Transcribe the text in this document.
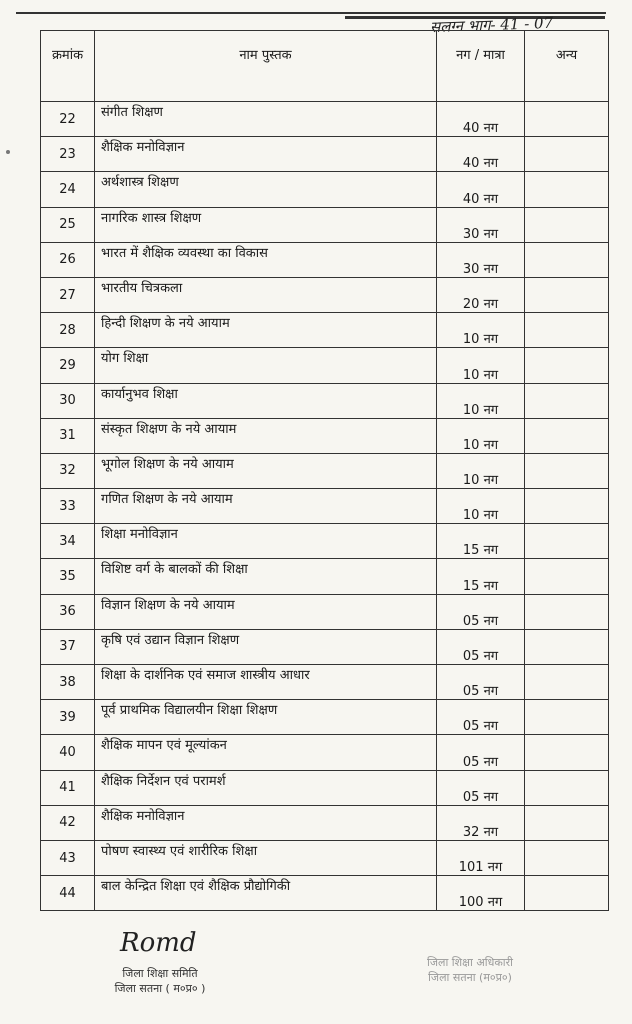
सलग्न भाग- 41 - 07
क्रमांक	नाम पुस्तक	नग / मात्रा	अन्य
22	संगीत शिक्षण	40 नग	
23	शैक्षिक मनोविज्ञान	40 नग	
24	अर्थशास्त्र शिक्षण	40 नग	
25	नागरिक शास्त्र शिक्षण	30 नग	
26	भारत में शैक्षिक व्यवस्था का विकास	30 नग	
27	भारतीय चित्रकला	20 नग	
28	हिन्दी शिक्षण के नये आयाम	10 नग	
29	योग शिक्षा	10 नग	
30	कार्यानुभव शिक्षा	10 नग	
31	संस्कृत शिक्षण के नये आयाम	10 नग	
32	भूगोल शिक्षण के नये आयाम	10 नग	
33	गणित शिक्षण के नये आयाम	10 नग	
34	शिक्षा मनोविज्ञान	15 नग	
35	विशिष्ट वर्ग के बालकों की शिक्षा	15 नग	
36	विज्ञान शिक्षण के नये आयाम	05 नग	
37	कृषि एवं उद्यान विज्ञान शिक्षण	05 नग	
38	शिक्षा के दार्शनिक एवं समाज शास्त्रीय आधार	05 नग	
39	पूर्व प्राथमिक विद्यालयीन शिक्षा शिक्षण	05 नग	
40	शैक्षिक मापन एवं मूल्यांकन	05 नग	
41	शैक्षिक निर्देशन एवं परामर्श	05 नग	
42	शैक्षिक मनोविज्ञान	32 नग	
43	पोषण स्वास्थ्य एवं शारीरिक शिक्षा	101 नग	
44	बाल केन्द्रित शिक्षा एवं शैक्षिक प्रौद्योगिकी	100 नग	
Romd
जिला शिक्षा समिति
जिला सतना ( म०प्र० )
जिला शिक्षा अधिकारी
जिला सतना (म०प्र०)
